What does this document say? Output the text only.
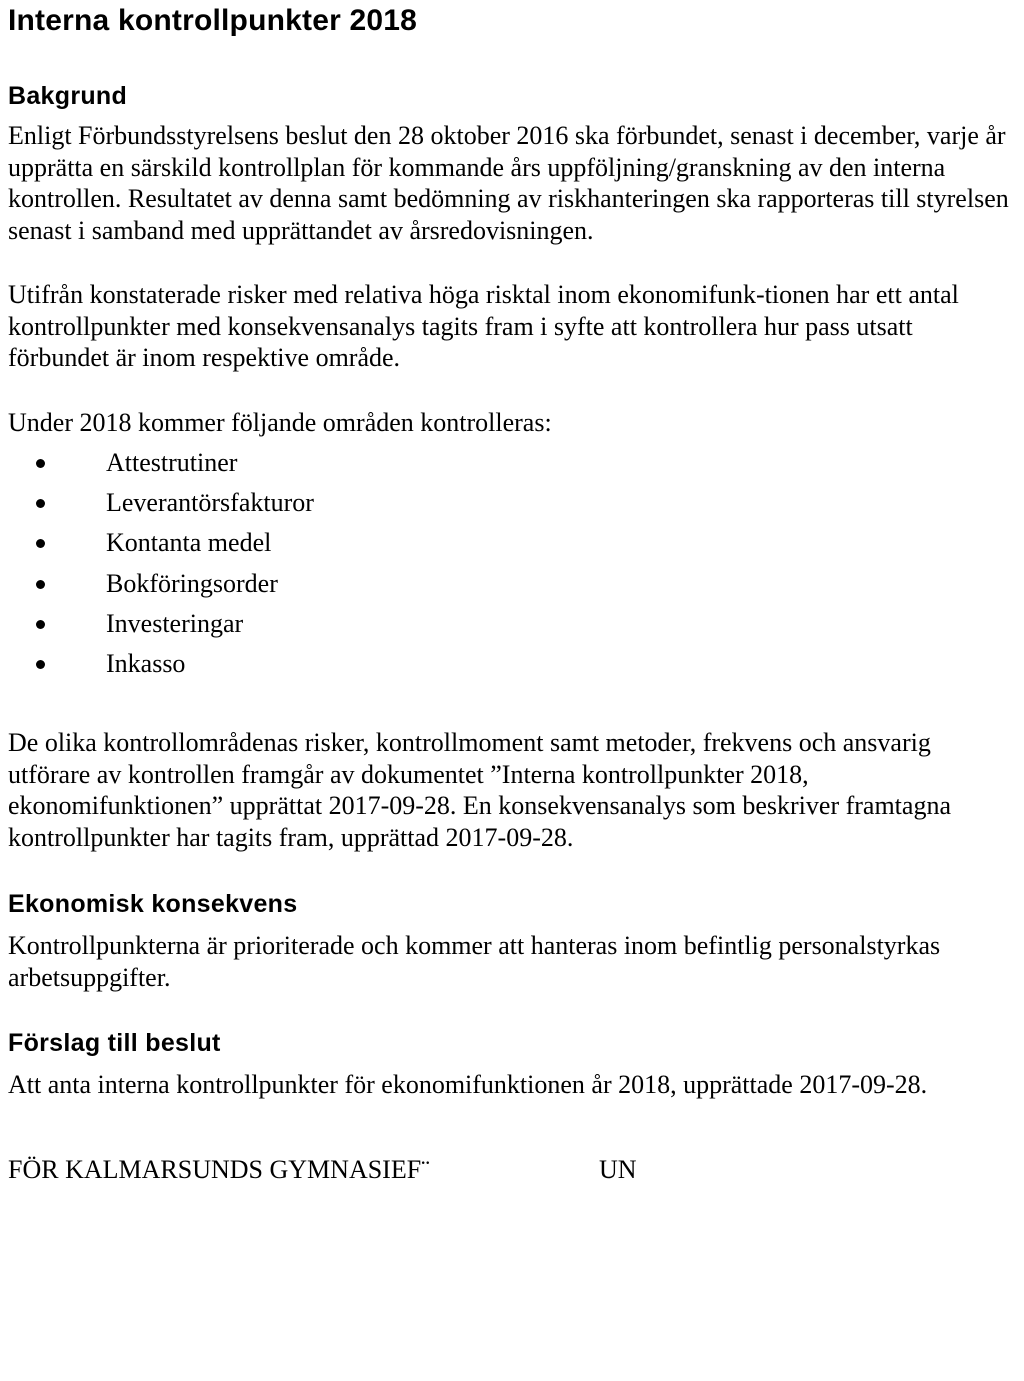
Interna kontrollpunkter 2018
Bakgrund

Enligt Förbundsstyrelsens beslut den 28 oktober 2016 ska förbundet, senast i december, varje år upprätta en särskild kontrollplan för kommande års uppföljning/granskning av den interna kontrollen. Resultatet av denna samt bedömning av riskhanteringen ska rapporteras till styrelsen senast i samband med upprättandet av årsredovisningen.

Utifrån konstaterade risker med relativa höga risktal inom ekonomifunk-tionen har ett antal kontrollpunkter med konsekvensanalys tagits fram i syfte att kontrollera hur pass utsatt förbundet är inom respektive område.

Under 2018 kommer följande områden kontrolleras:

Attestrutiner
Leverantörsfakturor
Kontanta medel
Bokföringsorder
Investeringar
Inkasso

De olika kontrollområdenas risker, kontrollmoment samt metoder, frekvens och ansvarig utförare av kontrollen framgår av dokumentet ”Interna kontrollpunkter 2018, ekonomifunktionen” upprättat 2017-09-28. En konsekvensanalys som beskriver framtagna kontrollpunkter har tagits fram, upprättad 2017-09-28.

Ekonomisk konsekvens

Kontrollpunkterna är prioriterade och kommer att hanteras inom befintlig personalstyrkas arbetsuppgifter.

Förslag till beslut

Att anta interna kontrollpunkter för ekonomifunktionen år 2018, upprättade 2017-09-28.

FÖR KALMARSUNDS GYMNASIEF¨	UN
